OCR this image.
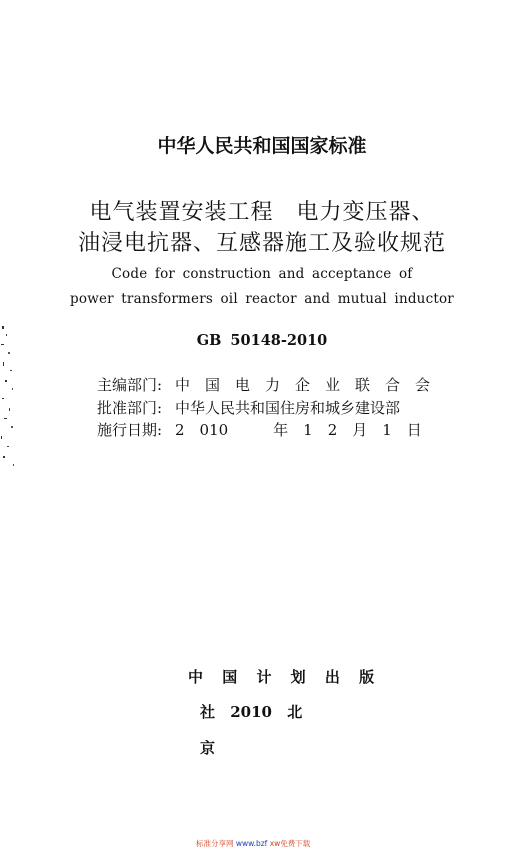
中华人民共和国国家标准
电气装置安装工程　电力变压器、
油浸电抗器、互感器施工及验收规范
Code for construction and acceptance of
power transformers oil reactor and mutual inductor
GB 50148-2010
主编部门: 中　国　电　力　企　业　联　合　会
批准部门: 中华人民共和国住房和城乡建设部
施行日期: 2　010　　　年　1　2　月　1　日
中 国 计 划 出 版
社 2010 北
京
标准分享网 www.bzf xw免费下载
